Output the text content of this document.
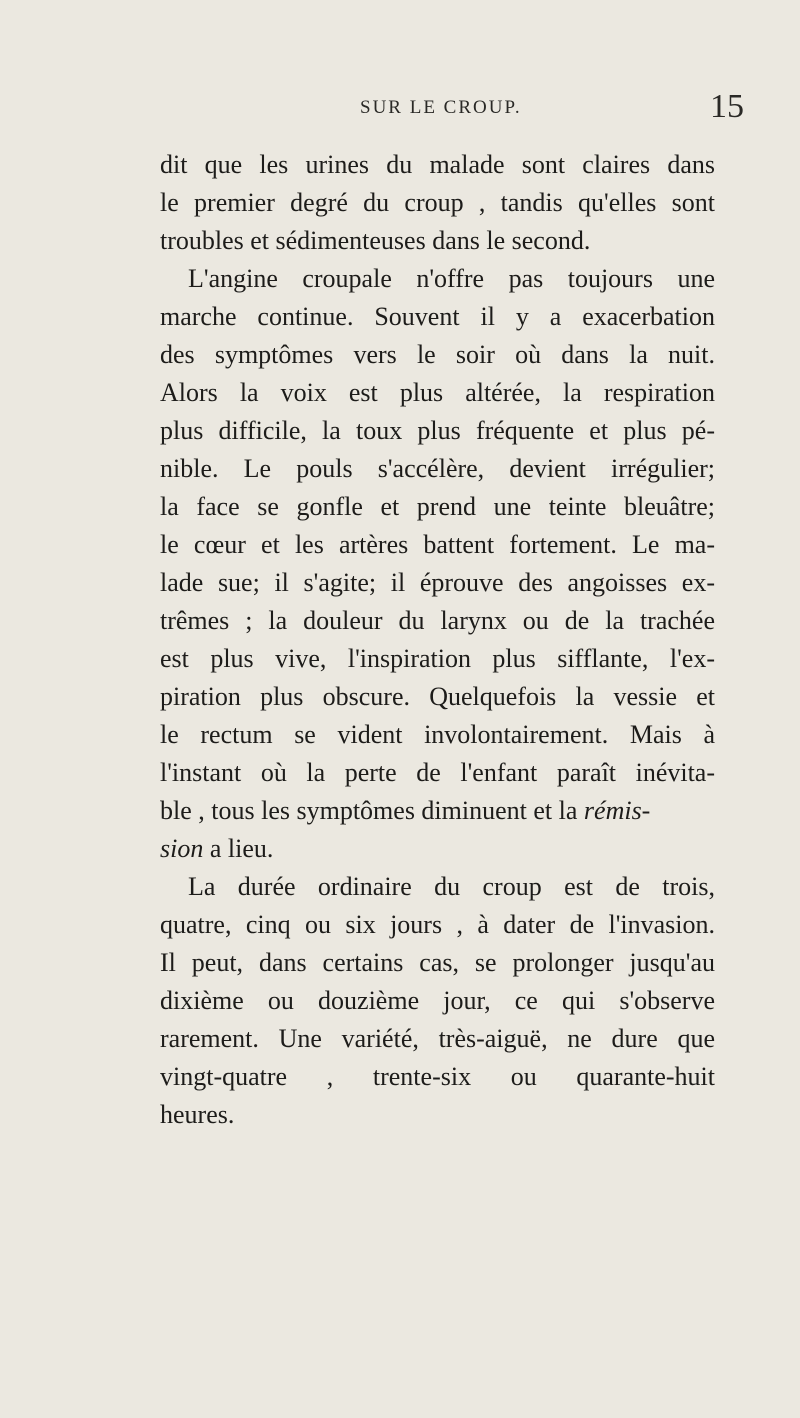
SUR LE CROUP.	15
dit que les urines du malade sont claires dans
le premier degré du croup , tandis qu'elles sont
troubles et sédimenteuses dans le second.
L'angine croupale n'offre pas toujours une
marche continue. Souvent il y a exacerbation
des symptômes vers le soir où dans la nuit.
Alors la voix est plus altérée, la respiration
plus difficile, la toux plus fréquente et plus pé-
nible. Le pouls s'accélère, devient irrégulier;
la face se gonfle et prend une teinte bleuâtre;
le cœur et les artères battent fortement. Le ma-
lade sue; il s'agite; il éprouve des angoisses ex-
trêmes ; la douleur du larynx ou de la trachée
est plus vive, l'inspiration plus sifflante, l'ex-
piration plus obscure. Quelquefois la vessie et
le rectum se vident involontairement. Mais à
l'instant où la perte de l'enfant paraît inévita-
ble , tous les symptômes diminuent et la rémis-
sion a lieu.
La durée ordinaire du croup est de trois,
quatre, cinq ou six jours , à dater de l'invasion.
Il peut, dans certains cas, se prolonger jusqu'au
dixième ou douzième jour, ce qui s'observe
rarement. Une variété, très-aiguë, ne dure que
vingt-quatre , trente-six ou quarante-huit
heures.
